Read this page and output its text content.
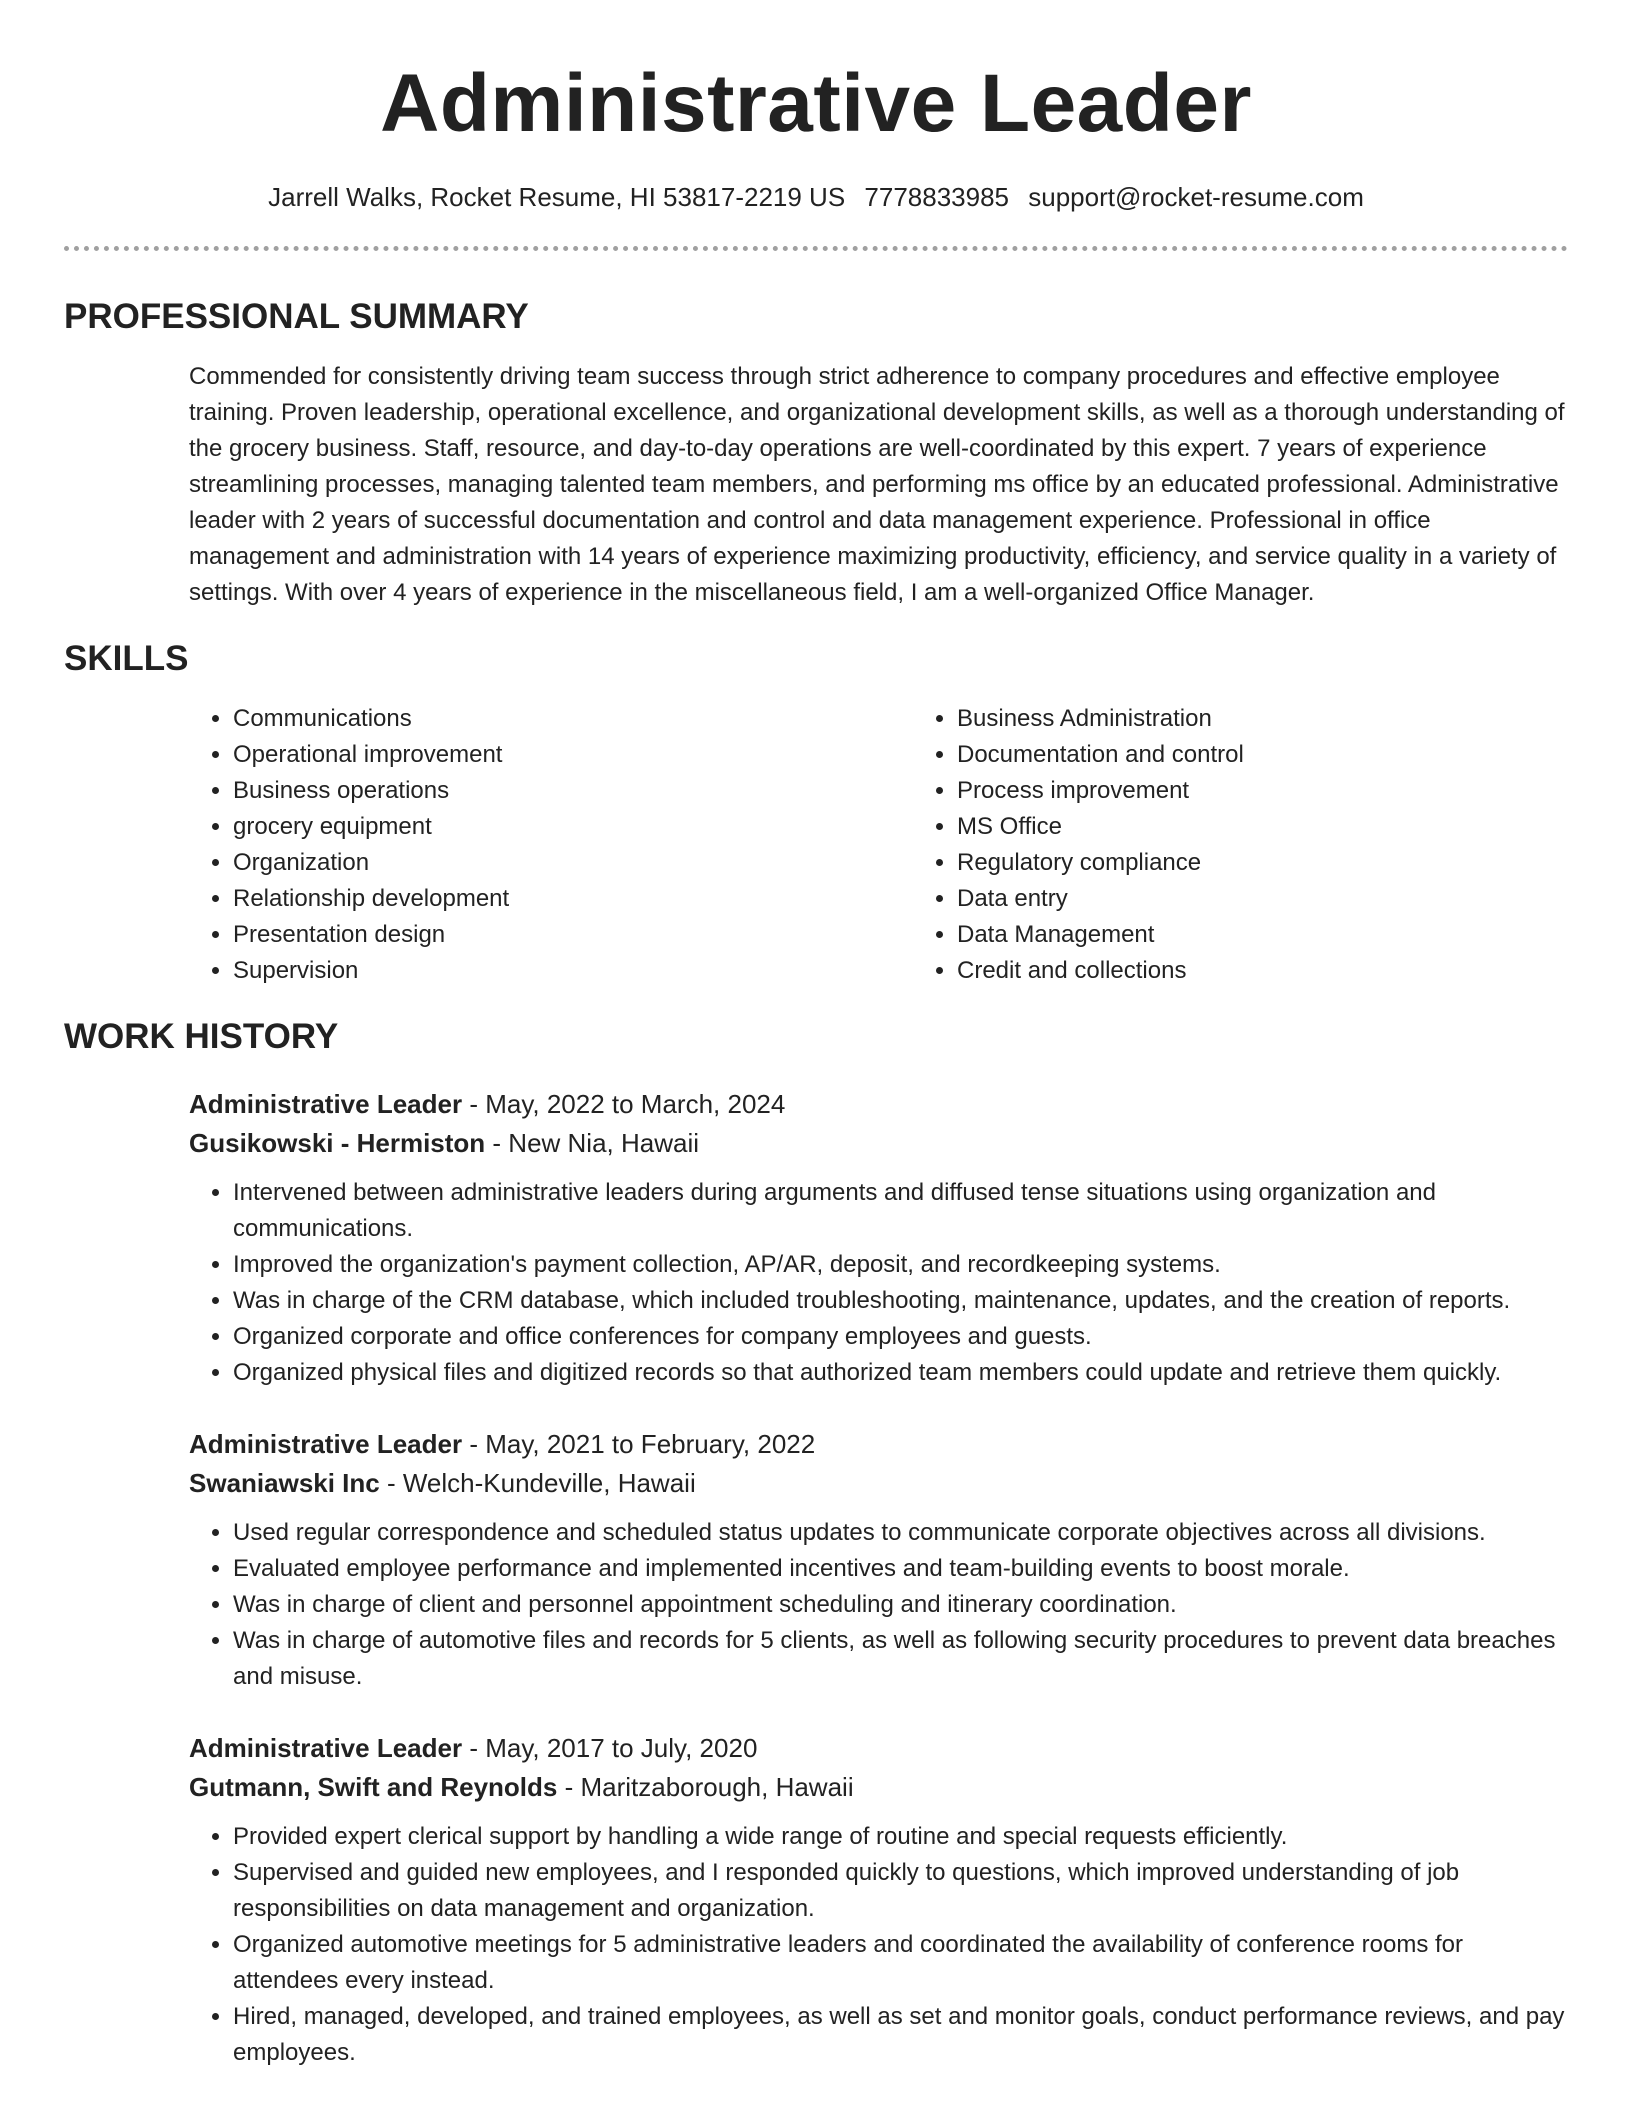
Administrative Leader
Jarrell Walks, Rocket Resume, HI 53817-2219 US 7778833985 support@rocket-resume.com
PROFESSIONAL SUMMARY
Commended for consistently driving team success through strict adherence to company procedures and effective employee training. Proven leadership, operational excellence, and organizational development skills, as well as a thorough understanding of the grocery business. Staff, resource, and day-to-day operations are well-coordinated by this expert. 7 years of experience streamlining processes, managing talented team members, and performing ms office by an educated professional. Administrative leader with 2 years of successful documentation and control and data management experience. Professional in office management and administration with 14 years of experience maximizing productivity, efficiency, and service quality in a variety of settings. With over 4 years of experience in the miscellaneous field, I am a well-organized Office Manager.
SKILLS
• Communications
• Operational improvement
• Business operations
• grocery equipment
• Organization
• Relationship development
• Presentation design
• Supervision
• Business Administration
• Documentation and control
• Process improvement
• MS Office
• Regulatory compliance
• Data entry
• Data Management
• Credit and collections
WORK HISTORY
Administrative Leader - May, 2022 to March, 2024
Gusikowski - Hermiston - New Nia, Hawaii
• Intervened between administrative leaders during arguments and diffused tense situations using organization and communications.
• Improved the organization's payment collection, AP/AR, deposit, and recordkeeping systems.
• Was in charge of the CRM database, which included troubleshooting, maintenance, updates, and the creation of reports.
• Organized corporate and office conferences for company employees and guests.
• Organized physical files and digitized records so that authorized team members could update and retrieve them quickly.
Administrative Leader - May, 2021 to February, 2022
Swaniawski Inc - Welch-Kundeville, Hawaii
• Used regular correspondence and scheduled status updates to communicate corporate objectives across all divisions.
• Evaluated employee performance and implemented incentives and team-building events to boost morale.
• Was in charge of client and personnel appointment scheduling and itinerary coordination.
• Was in charge of automotive files and records for 5 clients, as well as following security procedures to prevent data breaches and misuse.
Administrative Leader - May, 2017 to July, 2020
Gutmann, Swift and Reynolds - Maritzaborough, Hawaii
• Provided expert clerical support by handling a wide range of routine and special requests efficiently.
• Supervised and guided new employees, and I responded quickly to questions, which improved understanding of job responsibilities on data management and organization.
• Organized automotive meetings for 5 administrative leaders and coordinated the availability of conference rooms for attendees every instead.
• Hired, managed, developed, and trained employees, as well as set and monitor goals, conduct performance reviews, and pay employees.
